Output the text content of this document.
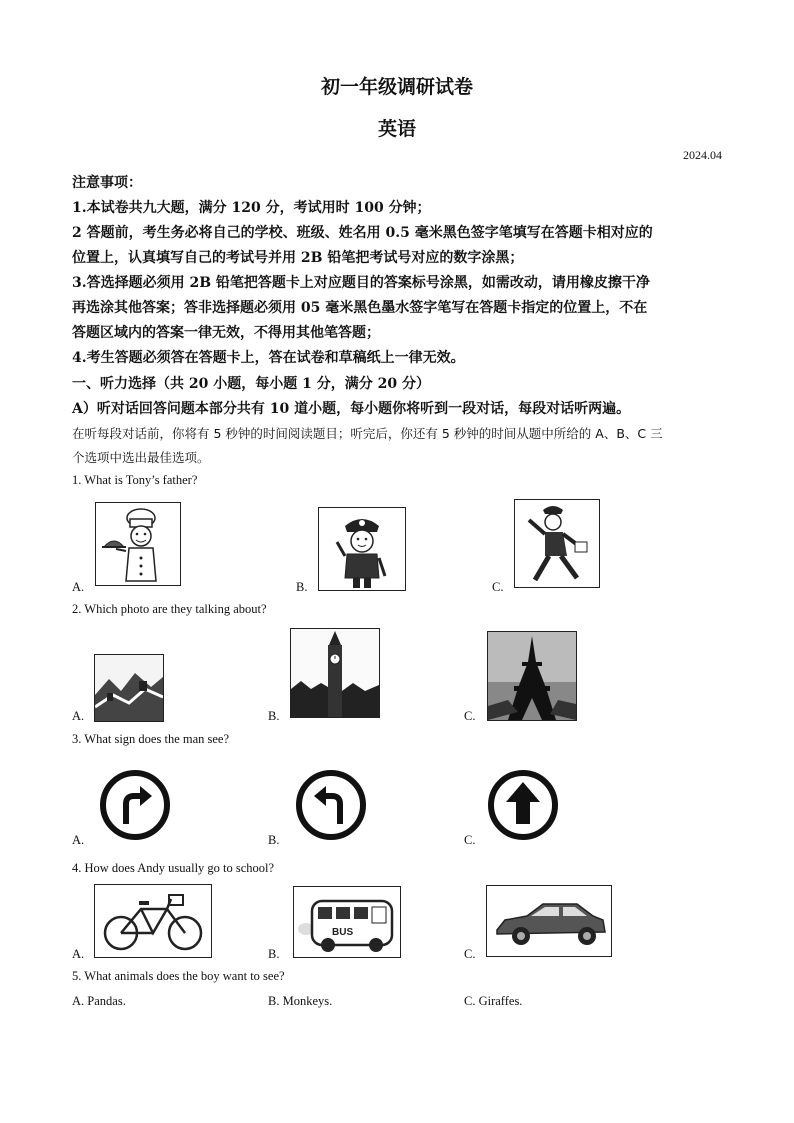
初一年级调研试卷
英语
2024.04
注意事项：
1.本试卷共九大题，满分 120 分，考试用时 100 分钟；
2 答题前，考生务必将自己的学校、班级、姓名用 0.5 毫米黑色签字笔填写在答题卡相对应的
位置上，认真填写自己的考试号并用 2B 铅笔把考试号对应的数字涂黑；
3.答选择题必须用 2B 铅笔把答题卡上对应题目的答案标号涂黑，如需改动，请用橡皮擦干净
再选涂其他答案；答非选择题必须用 05 毫米黑色墨水签字笔写在答题卡指定的位置上，不在
答题区域内的答案一律无效，不得用其他笔答题；
4.考生答题必须答在答题卡上，答在试卷和草稿纸上一律无效。
一、听力选择（共 20 小题，每小题 1 分，满分 20 分）
A）听对话回答问题本部分共有 10 道小题，每小题你将听到一段对话，每段对话听两遍。
在听每段对话前，你将有 5 秒钟的时间阅读题目；听完后，你还有 5 秒钟的时间从题中所给的 A、B、C 三
个选项中选出最佳选项。
1. What is Tony’s father?
A.	B.	C.
2. Which photo are they talking about?
A.	B.	C.
3. What sign does the man see?
A.	B.	C.
4. How does Andy usually go to school?
A.
BUS
B.	C.
5. What animals does the boy want to see?
A. Pandas.	B. Monkeys.	C. Giraffes.
